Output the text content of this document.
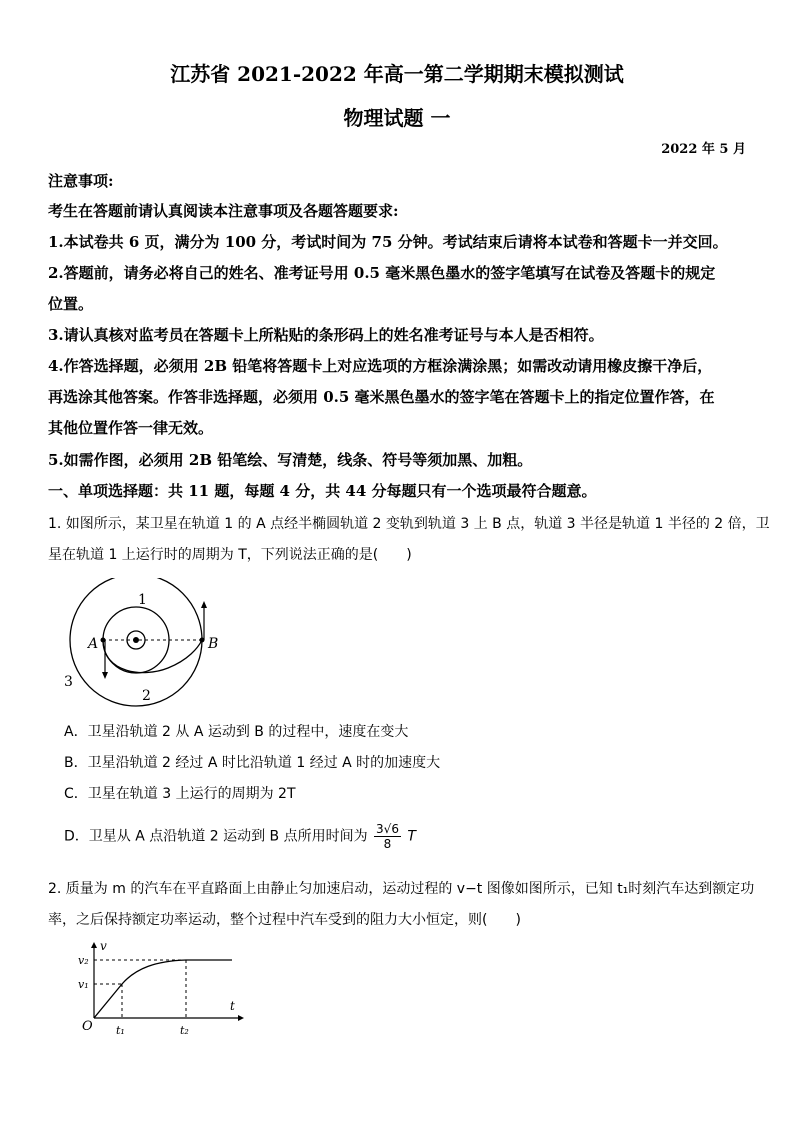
江苏省 2021-2022 年高一第二学期期末模拟测试
物理试题 一
2022 年 5 月
注意事项:
考生在答题前请认真阅读本注意事项及各题答题要求:
1.本试卷共 6 页，满分为 100 分，考试时间为 75 分钟。考试结束后请将本试卷和答题卡一并交回。
2.答题前，请务必将自己的姓名、准考证号用 0.5 毫米黑色墨水的签字笔填写在试卷及答题卡的规定
位置。
3.请认真核对监考员在答题卡上所粘贴的条形码上的姓名准考证号与本人是否相符。
4.作答选择题，必须用 2B 铅笔将答题卡上对应选项的方框涂满涂黑；如需改动请用橡皮擦干净后，
再选涂其他答案。作答非选择题，必须用 0.5 毫米黑色墨水的签字笔在答题卡上的指定位置作答，在
其他位置作答一律无效。
5.如需作图，必须用 2B 铅笔绘、写清楚，线条、符号等须加黑、加粗。
一、单项选择题：共 11 题，每题 4 分，共 44 分每题只有一个选项最符合题意。
1. 如图所示，某卫星在轨道 1 的 A 点经半椭圆轨道 2 变轨到轨道 3 上 B 点，轨道 3 半径是轨道 1 半径的 2 倍，卫
星在轨道 1 上运行时的周期为 T，下列说法正确的是(　　)
1
2
3
A	B
A．卫星沿轨道 2 从 A 运动到 B 的过程中，速度在变大
B．卫星沿轨道 2 经过 A 时比沿轨道 1 经过 A 时的加速度大
C．卫星在轨道 3 上运行的周期为 2T
D．卫星从 A 点沿轨道 2 运动到 B 点所用时间为 $\frac{3√6}{8}$ T
2. 质量为 m 的汽车在平直路面上由静止匀加速启动，运动过程的 v−t 图像如图所示，已知 t₁时刻汽车达到额定功
率，之后保持额定功率运动，整个过程中汽车受到的阻力大小恒定，则(　　)
v
t
O
v₁
v₂
t₁	t₂
